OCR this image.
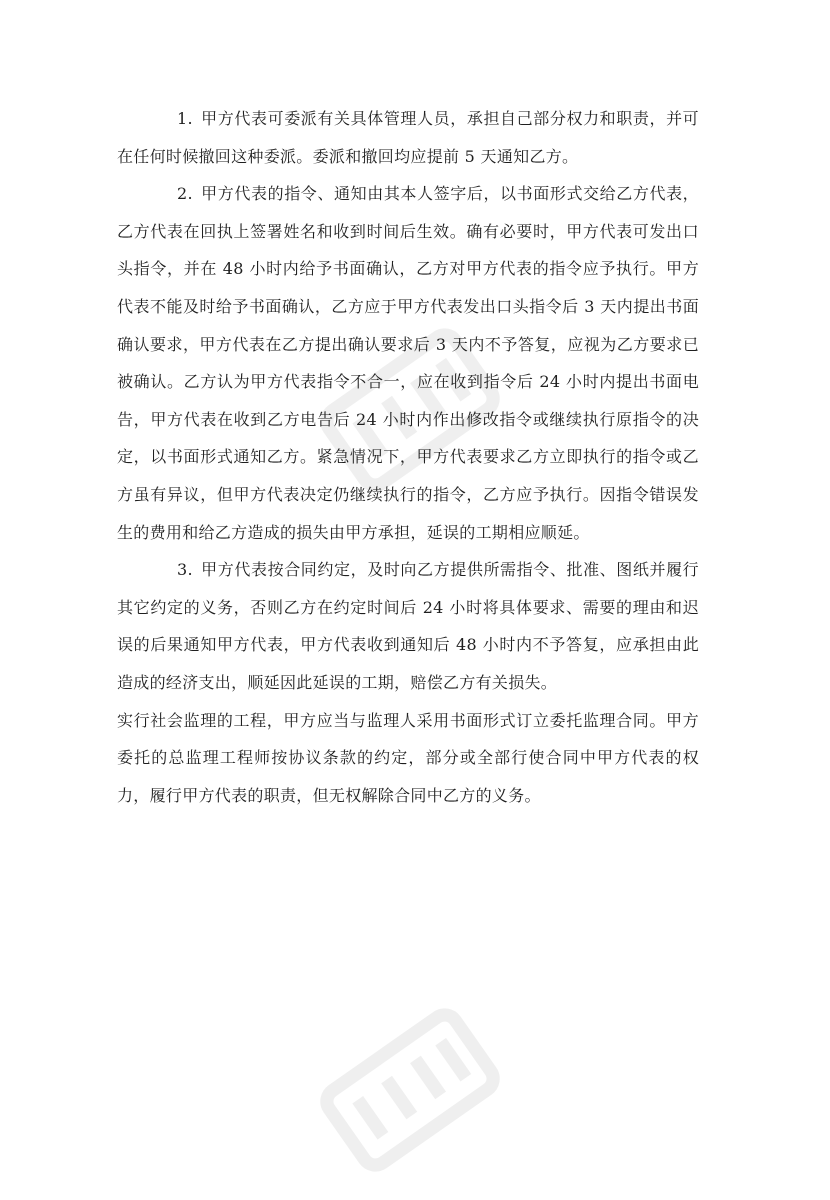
1. 甲方代表可委派有关具体管理人员，承担自己部分权力和职责，并可在任何时候撤回这种委派。委派和撤回均应提前 5 天通知乙方。

2. 甲方代表的指令、通知由其本人签字后，以书面形式交给乙方代表，乙方代表在回执上签署姓名和收到时间后生效。确有必要时，甲方代表可发出口头指令，并在 48 小时内给予书面确认，乙方对甲方代表的指令应予执行。甲方代表不能及时给予书面确认，乙方应于甲方代表发出口头指令后 3 天内提出书面确认要求，甲方代表在乙方提出确认要求后 3 天内不予答复，应视为乙方要求已被确认。乙方认为甲方代表指令不合一，应在收到指令后 24 小时内提出书面电告，甲方代表在收到乙方电告后 24 小时内作出修改指令或继续执行原指令的决定，以书面形式通知乙方。紧急情况下，甲方代表要求乙方立即执行的指令或乙方虽有异议，但甲方代表决定仍继续执行的指令，乙方应予执行。因指令错误发生的费用和给乙方造成的损失由甲方承担，延误的工期相应顺延。

3. 甲方代表按合同约定，及时向乙方提供所需指令、批准、图纸并履行其它约定的义务，否则乙方在约定时间后 24 小时将具体要求、需要的理由和迟误的后果通知甲方代表，甲方代表收到通知后 48 小时内不予答复，应承担由此造成的经济支出，顺延因此延误的工期，赔偿乙方有关损失。

实行社会监理的工程，甲方应当与监理人采用书面形式订立委托监理合同。甲方委托的总监理工程师按协议条款的约定，部分或全部行使合同中甲方代表的权力，履行甲方代表的职责，但无权解除合同中乙方的义务。
